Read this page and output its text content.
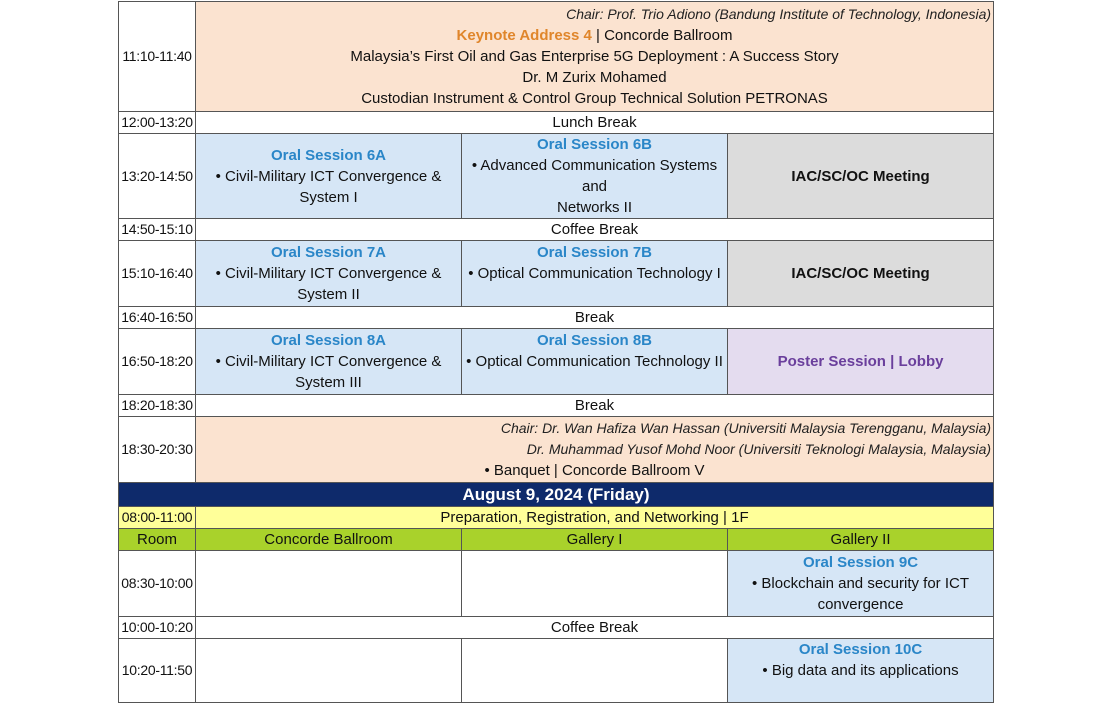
11:10-11:40	Chair: Prof. Trio Adiono (Bandung Institute of Technology, Indonesia)
Keynote Address 4 | Concorde Ballroom
Malaysia’s First Oil and Gas Enterprise 5G Deployment : A Success Story
Dr. M Zurix Mohamed
Custodian Instrument & Control Group Technical Solution PETRONAS		

12:00-13:20	Lunch Break		
13:20-14:50	Oral Session 6A
• Civil-Military ICT Convergence &
System I	Oral Session 6B
• Advanced Communication Systems and
Networks II	IAC/SC/OC Meeting
14:50-15:10	Coffee Break		
15:10-16:40	Oral Session 7A
• Civil-Military ICT Convergence &
System II	Oral Session 7B
• Optical Communication Technology I	IAC/SC/OC Meeting
16:40-16:50	Break		
16:50-18:20	Oral Session 8A
• Civil-Military ICT Convergence &
System III	Oral Session 8B
• Optical Communication Technology II	Poster Session | Lobby
18:20-18:30	Break		
18:30-20:30	Chair: Dr. Wan Hafiza Wan Hassan (Universiti Malaysia Terengganu, Malaysia)
Dr. Muhammad Yusof Mohd Noor (Universiti Teknologi Malaysia, Malaysia)
• Banquet | Concorde Ballroom V		

August 9, 2024 (Friday)			
08:00-11:00	Preparation, Registration, and Networking | 1F		
Room	Concorde Ballroom	Gallery I	Gallery II
08:30-10:00			Oral Session 9C
• Blockchain and security for ICT
convergence

10:00-10:20	Coffee Break		
10:20-11:50			Oral Session 10C
• Big data and its applications
